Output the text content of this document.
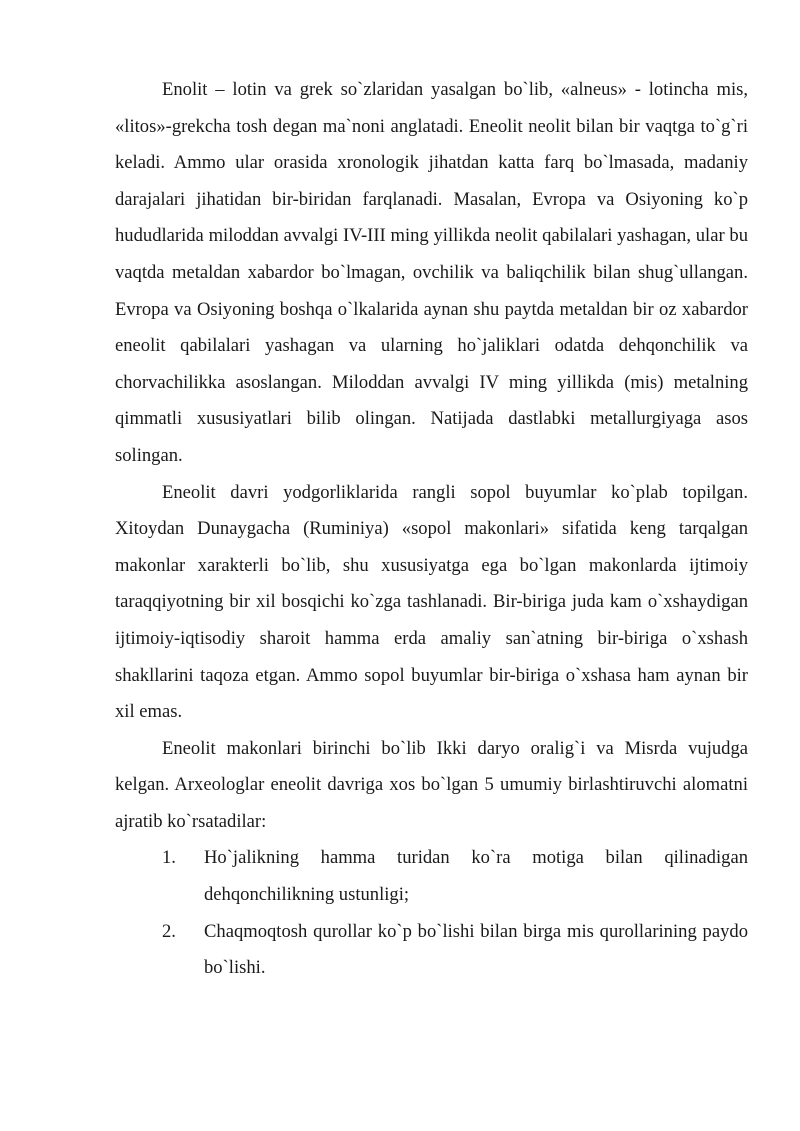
Enolit – lotin va grek so`zlaridan yasalgan bo`lib, «alneus» - lotincha mis, «litos»-grekcha tosh degan ma`noni anglatadi. Eneolit neolit bilan bir vaqtga to`g`ri keladi. Ammo ular orasida xronologik jihatdan katta farq bo`lmasada, madaniy darajalari jihatidan bir-biridan farqlanadi. Masalan, Evropa va Osiyoning ko`p hududlarida miloddan avvalgi IV-III ming yillikda neolit qabilalari yashagan, ular bu vaqtda metaldan xabardor bo`lmagan, ovchilik va baliqchilik bilan shug`ullangan. Evropa va Osiyoning boshqa o`lkalarida aynan shu paytda metaldan bir oz xabardor eneolit qabilalari yashagan va ularning ho`jaliklari odatda dehqonchilik va chorvachilikka asoslangan. Miloddan avvalgi IV ming yillikda (mis) metalning qimmatli xususiyatlari bilib olingan. Natijada dastlabki metallurgiyaga asos solingan.

Eneolit davri yodgorliklarida rangli sopol buyumlar ko`plab topilgan. Xitoydan Dunaygacha (Ruminiya) «sopol makonlari» sifatida keng tarqalgan makonlar xarakterli bo`lib, shu xususiyatga ega bo`lgan makonlarda ijtimoiy taraqqiyotning bir xil bosqichi ko`zga tashlanadi. Bir-biriga juda kam o`xshaydigan ijtimoiy-iqtisodiy sharoit hamma erda amaliy san`atning bir-biriga o`xshash shakllarini taqoza etgan. Ammo sopol buyumlar bir-biriga o`xshasa ham aynan bir xil emas.

Eneolit makonlari birinchi bo`lib Ikki daryo oralig`i va Misrda vujudga kelgan. Arxeologlar eneolit davriga xos bo`lgan 5 umumiy birlashtiruvchi alomatni ajratib ko`rsatadilar:

1. Ho`jalikning hamma turidan ko`ra motiga bilan qilinadigan dehqonchilikning ustunligi;
2. Chaqmoqtosh qurollar ko`p bo`lishi bilan birga mis qurollarining paydo bo`lishi.
